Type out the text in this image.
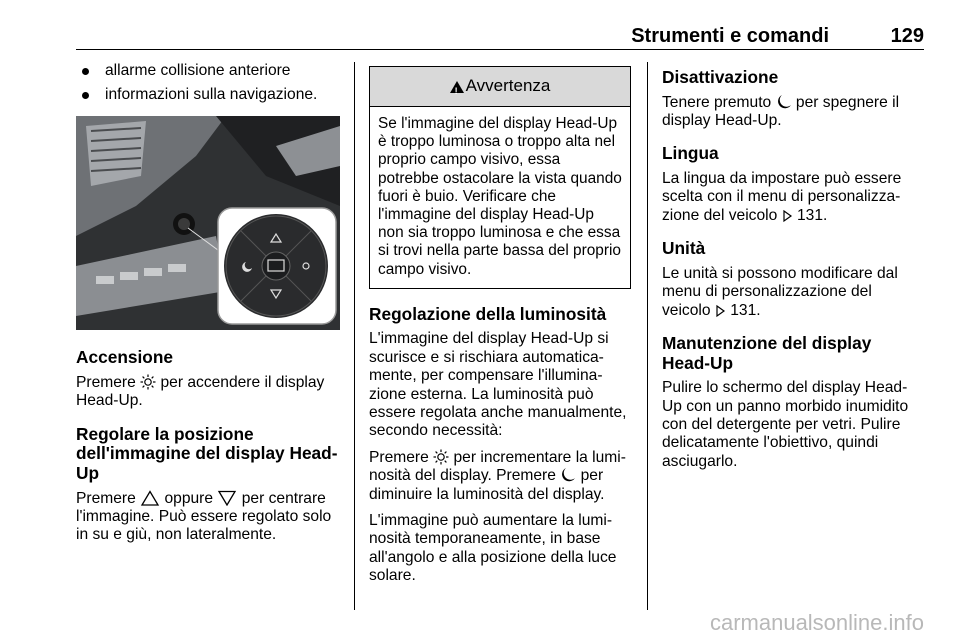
Strumenti e comandi	129
allarme collisione anteriore
informazioni sulla navigazione.
Accensione

Premere per accendere il display Head-Up.

Regolare la posizione dell'immagine del display Head-Up

Premere oppure per centrare l'immagine. Può essere regolato solo in su e giù, non lateralmente.

!
Avvertenza
Se l'immagine del display Head-Up è troppo luminosa o troppo alta nel proprio campo visivo, essa potrebbe ostacolare la vista quando fuori è buio. Verificare che l'immagine del display Head-Up non sia troppo luminosa e che essa si trovi nella parte bassa del proprio campo visivo.
Regolazione della luminosità

L'immagine del display Head-Up si scurisce e si rischiara automatica-mente, per compensare l'illumina-zione esterna. La luminosità può essere regolata anche manualmente, secondo necessità:

Premere per incrementare la lumi-nosità del display. Premere per diminuire la luminosità del display.

L'immagine può aumentare la lumi-nosità temporaneamente, in base all'angolo e alla posizione della luce solare.

Disattivazione

Tenere premuto per spegnere il display Head-Up.

Lingua

La lingua da impostare può essere scelta con il menu di personalizza-zione del veicolo 131.

Unità

Le unità si possono modificare dal menu di personalizzazione del veicolo 131.

Manutenzione del display Head-Up

Pulire lo schermo del display Head-Up con un panno morbido inumidito con del detergente per vetri. Pulire delicatamente l'obiettivo, quindi asciugarlo.

carmanualsonline.info
